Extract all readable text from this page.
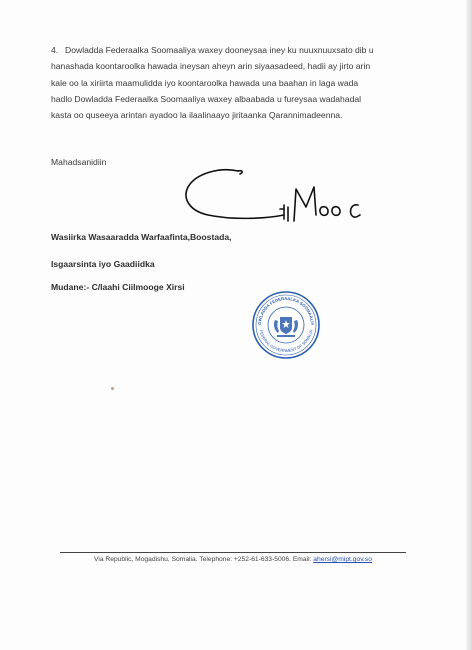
4. Dowladda Federaalka Soomaaliya waxey dooneysaa iney ku nuuxnuuxsato dib u
hanashada koontaroolka hawada ineysan aheyn arin siyaasadeed, hadii ay jirto arin
kale oo la xiriirta maamulidda iyo koontaroolka hawada una baahan in laga wada
hadlo Dowladda Federaalka Soomaaliya waxey albaabada u fureysaa wadahadal
kasta oo quseeya arintan ayadoo la ilaalinaayo jiritaanka Qarannimadeenna.
Mahadsanidiin
Wasiirka Wasaaradda Warfaafinta,Boostada,
Isgaarsinta iyo Gaadiidka
Mudane:- C/laahi Ciilmooge Xirsi
OWLADDA FEDERAALKA SOOMAALIY
FEDERAL GOVERNMENT OF SOMALIA
Via Republic, Mogadishu, Somalia. Telephone: +252-61-633-5006. Email: ahersi@mipt.gov.so
